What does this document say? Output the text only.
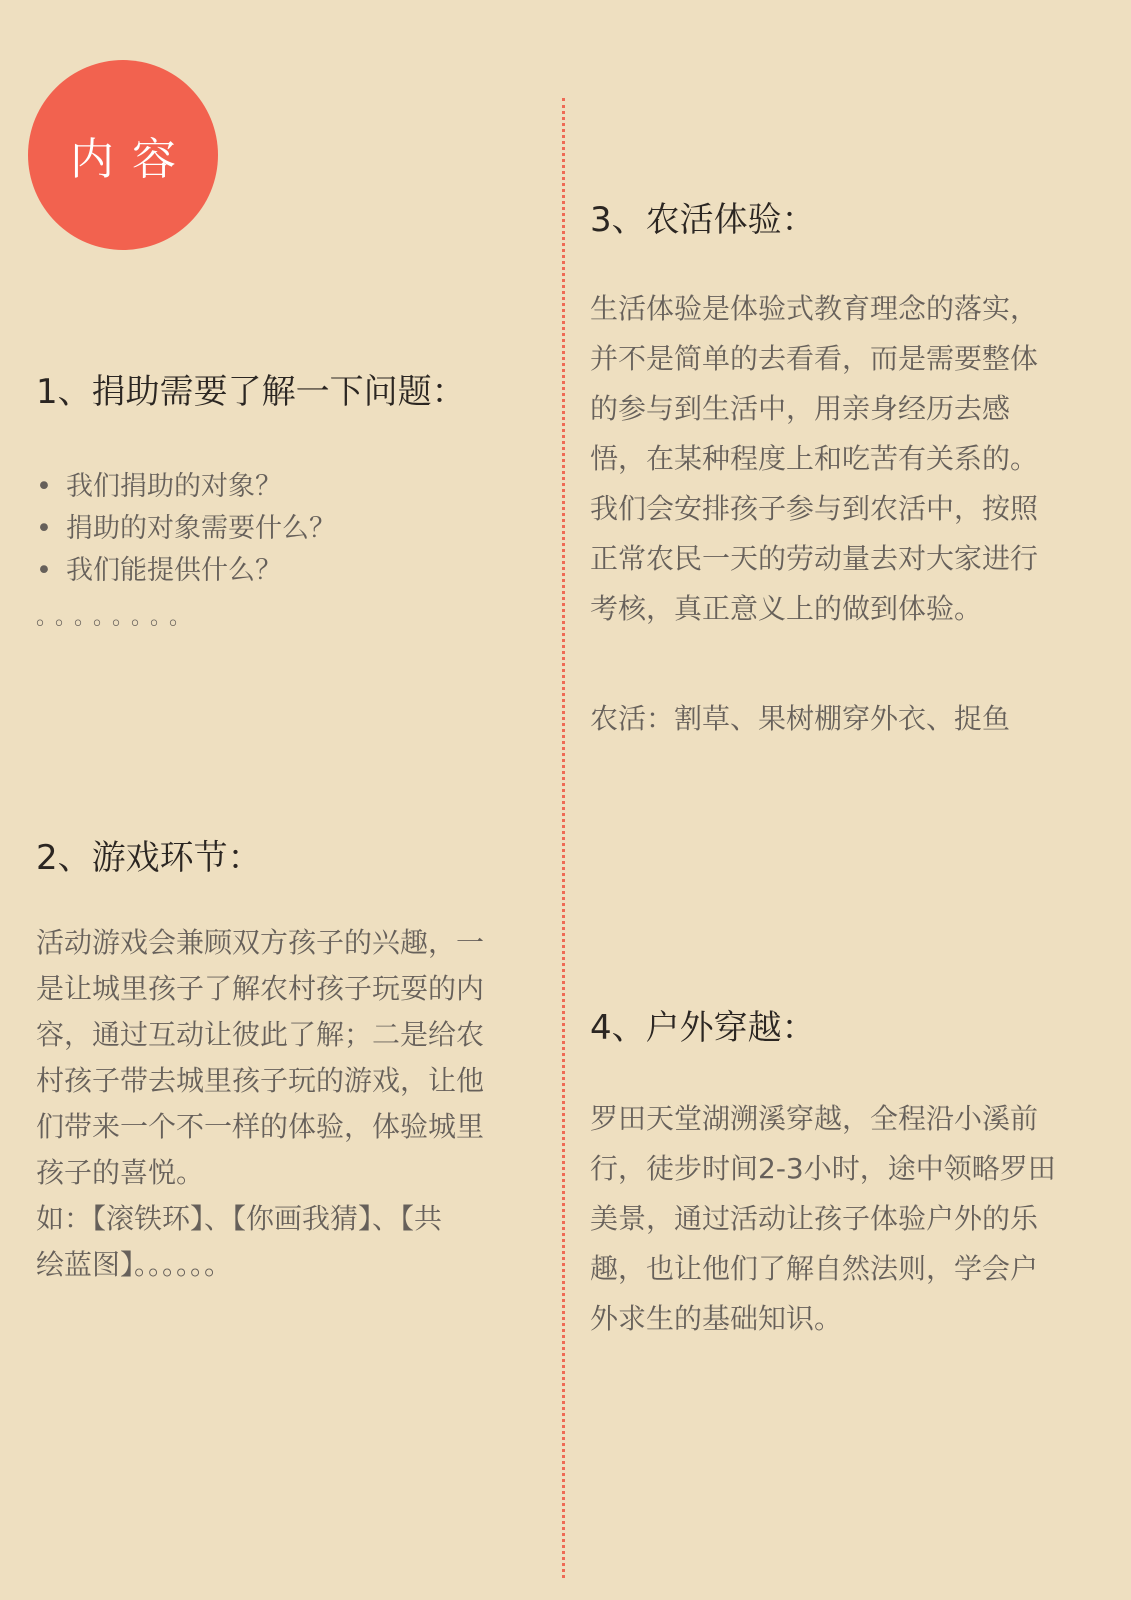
内容
1、捐助需要了解一下问题：
• 我们捐助的对象？
• 捐助的对象需要什么？
• 我们能提供什么？
。。。。。。。。
2、游戏环节：
活动游戏会兼顾双方孩子的兴趣，一
是让城里孩子了解农村孩子玩耍的内
容，通过互动让彼此了解；二是给农
村孩子带去城里孩子玩的游戏，让他
们带来一个不一样的体验，体验城里
孩子的喜悦。
如：【滚铁环】、【你画我猜】、【共
绘蓝图】。。。。。。
3、农活体验：
生活体验是体验式教育理念的落实，
并不是简单的去看看，而是需要整体
的参与到生活中，用亲身经历去感
悟，在某种程度上和吃苦有关系的。
我们会安排孩子参与到农活中，按照
正常农民一天的劳动量去对大家进行
考核，真正意义上的做到体验。
农活：割草、果树棚穿外衣、捉鱼
4、户外穿越：
罗田天堂湖溯溪穿越，全程沿小溪前
行，徒步时间2-3小时，途中领略罗田
美景，通过活动让孩子体验户外的乐
趣，也让他们了解自然法则，学会户
外求生的基础知识。
